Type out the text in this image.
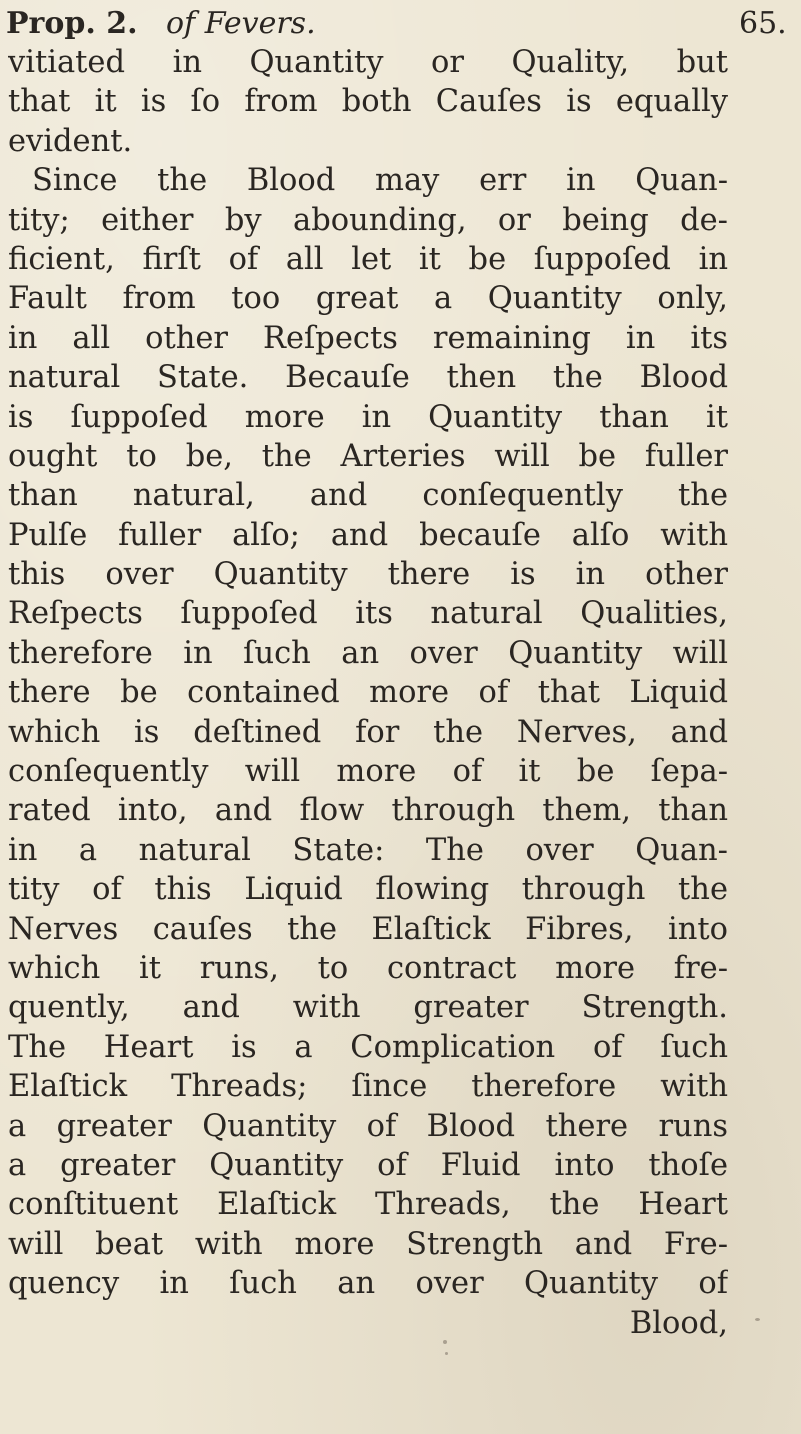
Prop. 2. of Fevers.	65.
vitiated in Quantity or Quality, but
that it is ſo from both Cauſes is equally
evident.
Since the Blood may err in Quan-
tity; either by abounding, or being de-
ficient, firſt of all let it be ſuppoſed in
Fault from too great a Quantity only,
in all other Reſpects remaining in its
natural State. Becauſe then the Blood
is ſuppoſed more in Quantity than it
ought to be, the Arteries will be fuller
than natural, and conſequently the
Pulſe fuller alſo; and becauſe alſo with
this over Quantity there is in other
Reſpects ſuppoſed its natural Qualities,
therefore in ſuch an over Quantity will
there be contained more of that Liquid
which is deſtined for the Nerves, and
conſequently will more of it be ſepa-
rated into, and flow through them, than
in a natural State: The over Quan-
tity of this Liquid flowing through the
Nerves cauſes the Elaſtick Fibres, into
which it runs, to contract more fre-
quently, and with greater Strength.
The Heart is a Complication of ſuch
Elaſtick Threads; ſince therefore with
a greater Quantity of Blood there runs
a greater Quantity of Fluid into thoſe
conſtituent Elaſtick Threads, the Heart
will beat with more Strength and Fre-
quency in ſuch an over Quantity of
Blood,
